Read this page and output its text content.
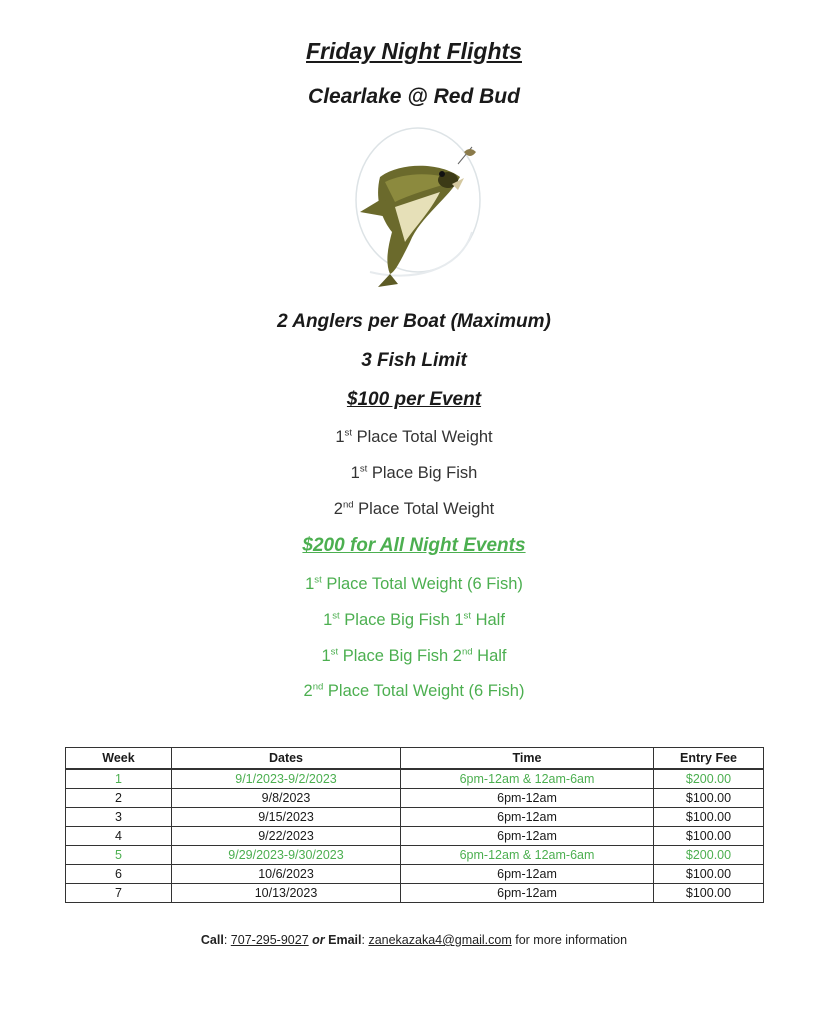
Friday Night Flights
Clearlake @ Red Bud
2 Anglers per Boat (Maximum)
3 Fish Limit
$100 per Event
1st Place Total Weight
1st Place Big Fish
2nd Place Total Weight
$200 for All Night Events
1st Place Total Weight (6 Fish)
1st Place Big Fish 1st Half
1st Place Big Fish 2nd Half
2nd Place Total Weight (6 Fish)
Week	Dates	Time	Entry Fee
1	9/1/2023-9/2/2023	6pm-12am & 12am-6am	$200.00
2	9/8/2023	6pm-12am	$100.00
3	9/15/2023	6pm-12am	$100.00
4	9/22/2023	6pm-12am	$100.00
5	9/29/2023-9/30/2023	6pm-12am & 12am-6am	$200.00
6	10/6/2023	6pm-12am	$100.00
7	10/13/2023	6pm-12am	$100.00
Call: 707-295-9027 or Email: zanekazaka4@gmail.com for more information
